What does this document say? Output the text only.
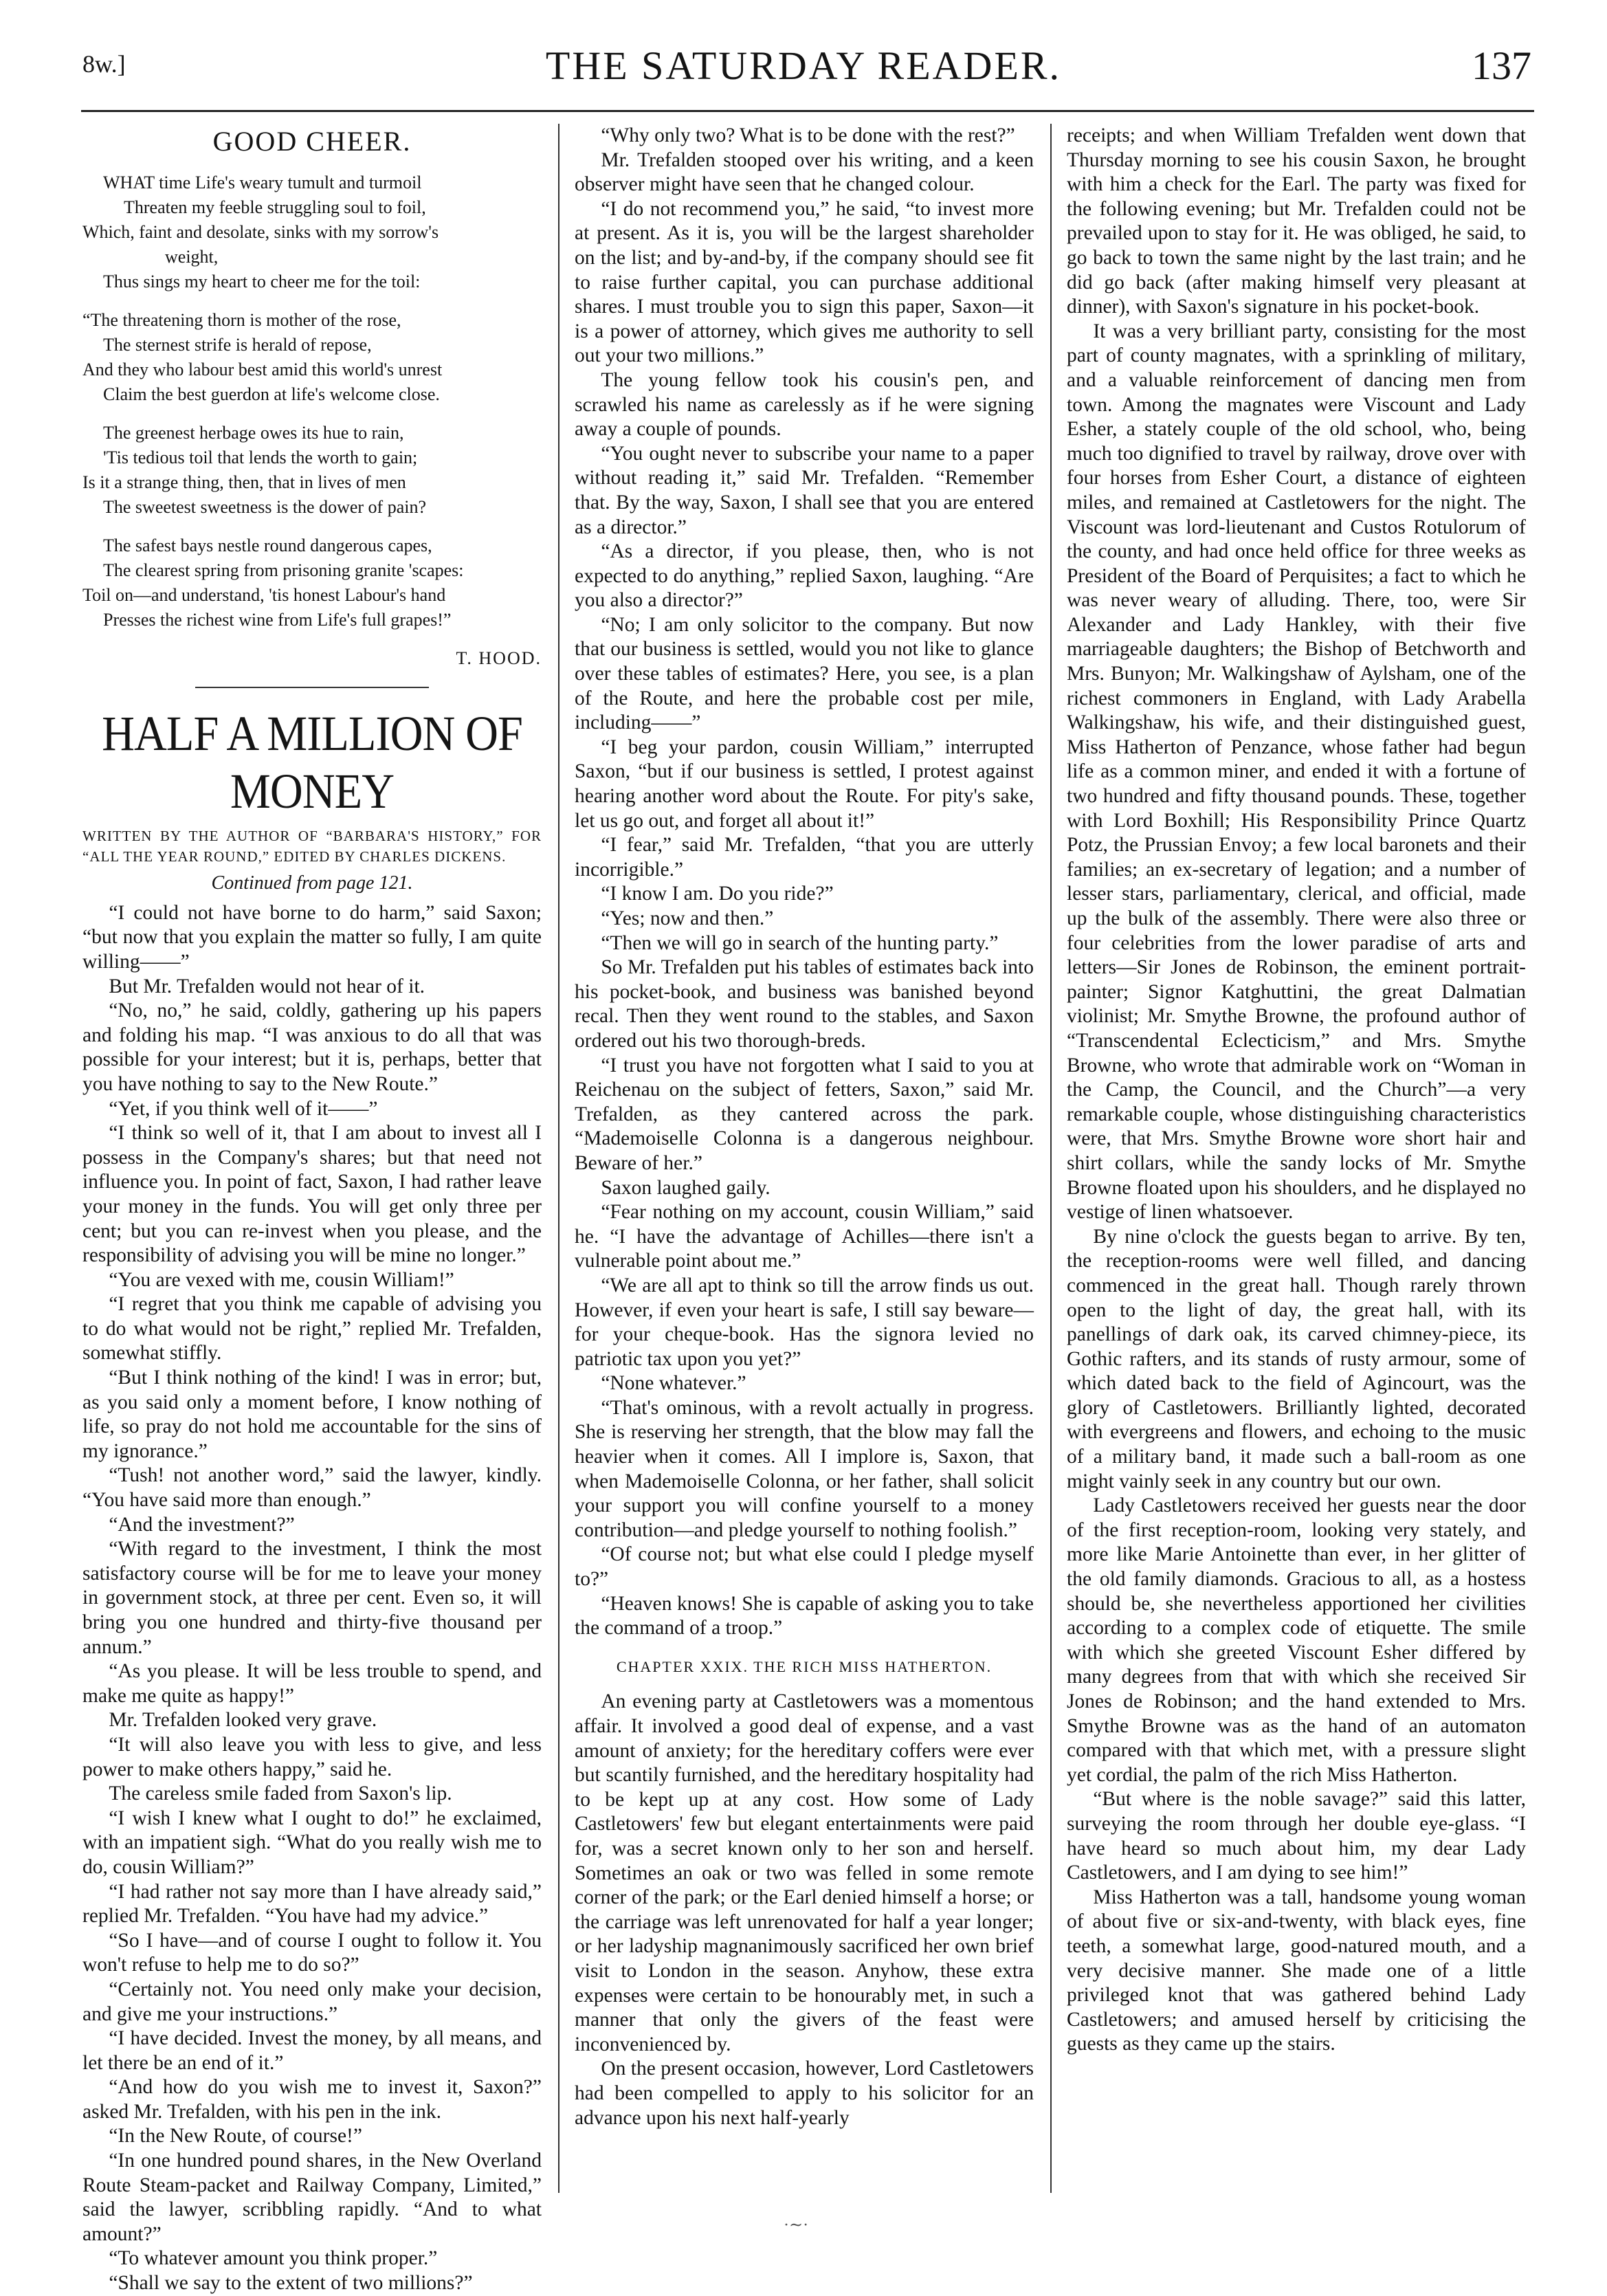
8w.]	THE SATURDAY READER.	137
GOOD CHEER.
WHAT time Life's weary tumult and turmoil
Threaten my feeble struggling soul to foil,
Which, faint and desolate, sinks with my sorrow's
weight,
Thus sings my heart to cheer me for the toil:
“The threatening thorn is mother of the rose,
The sternest strife is herald of repose,
And they who labour best amid this world's unrest
Claim the best guerdon at life's welcome close.
The greenest herbage owes its hue to rain,
'Tis tedious toil that lends the worth to gain;
Is it a strange thing, then, that in lives of men
The sweetest sweetness is the dower of pain?
The safest bays nestle round dangerous capes,
The clearest spring from prisoning granite 'scapes:
Toil on—and understand, 'tis honest Labour's hand
Presses the richest wine from Life's full grapes!”
T. HOOD.
HALF A MILLION OF MONEY

WRITTEN BY THE AUTHOR OF “BARBARA'S HISTORY,” FOR “ALL THE YEAR ROUND,” EDITED BY CHARLES DICKENS.

Continued from page 121.

“I could not have borne to do harm,” said Saxon; “but now that you explain the matter so fully, I am quite willing——”

But Mr. Trefalden would not hear of it.

“No, no,” he said, coldly, gathering up his papers and folding his map. “I was anxious to do all that was possible for your interest; but it is, perhaps, better that you have nothing to say to the New Route.”

“Yet, if you think well of it——”

“I think so well of it, that I am about to invest all I possess in the Company's shares; but that need not influence you. In point of fact, Saxon, I had rather leave your money in the funds. You will get only three per cent; but you can re-invest when you please, and the responsibility of advising you will be mine no longer.”

“You are vexed with me, cousin William!”

“I regret that you think me capable of advising you to do what would not be right,” replied Mr. Trefalden, somewhat stiffly.

“But I think nothing of the kind! I was in error; but, as you said only a moment before, I know nothing of life, so pray do not hold me accountable for the sins of my ignorance.”

“Tush! not another word,” said the lawyer, kindly. “You have said more than enough.”

“And the investment?”

“With regard to the investment, I think the most satisfactory course will be for me to leave your money in government stock, at three per cent. Even so, it will bring you one hundred and thirty-five thousand per annum.”

“As you please. It will be less trouble to spend, and make me quite as happy!”

Mr. Trefalden looked very grave.

“It will also leave you with less to give, and less power to make others happy,” said he.

The careless smile faded from Saxon's lip.

“I wish I knew what I ought to do!” he exclaimed, with an impatient sigh. “What do you really wish me to do, cousin William?”

“I had rather not say more than I have already said,” replied Mr. Trefalden. “You have had my advice.”

“So I have—and of course I ought to follow it. You won't refuse to help me to do so?”

“Certainly not. You need only make your decision, and give me your instructions.”

“I have decided. Invest the money, by all means, and let there be an end of it.”

“And how do you wish me to invest it, Saxon?” asked Mr. Trefalden, with his pen in the ink.

“In the New Route, of course!”

“In one hundred pound shares, in the New Overland Route Steam-packet and Railway Company, Limited,” said the lawyer, scribbling rapidly. “And to what amount?”

“To whatever amount you think proper.”

“Shall we say to the extent of two millions?”

“Why only two? What is to be done with the rest?”

Mr. Trefalden stooped over his writing, and a keen observer might have seen that he changed colour.

“I do not recommend you,” he said, “to invest more at present. As it is, you will be the largest shareholder on the list; and by-and-by, if the company should see fit to raise further capital, you can purchase additional shares. I must trouble you to sign this paper, Saxon—it is a power of attorney, which gives me authority to sell out your two millions.”

The young fellow took his cousin's pen, and scrawled his name as carelessly as if he were signing away a couple of pounds.

“You ought never to subscribe your name to a paper without reading it,” said Mr. Trefalden. “Remember that. By the way, Saxon, I shall see that you are entered as a director.”

“As a director, if you please, then, who is not expected to do anything,” replied Saxon, laughing. “Are you also a director?”

“No; I am only solicitor to the company. But now that our business is settled, would you not like to glance over these tables of estimates? Here, you see, is a plan of the Route, and here the probable cost per mile, including——”

“I beg your pardon, cousin William,” interrupted Saxon, “but if our business is settled, I protest against hearing another word about the Route. For pity's sake, let us go out, and forget all about it!”

“I fear,” said Mr. Trefalden, “that you are utterly incorrigible.”

“I know I am. Do you ride?”

“Yes; now and then.”

“Then we will go in search of the hunting party.”

So Mr. Trefalden put his tables of estimates back into his pocket-book, and business was banished beyond recal. Then they went round to the stables, and Saxon ordered out his two thorough-breds.

“I trust you have not forgotten what I said to you at Reichenau on the subject of fetters, Saxon,” said Mr. Trefalden, as they cantered across the park. “Mademoiselle Colonna is a dangerous neighbour. Beware of her.”

Saxon laughed gaily.

“Fear nothing on my account, cousin William,” said he. “I have the advantage of Achilles—there isn't a vulnerable point about me.”

“We are all apt to think so till the arrow finds us out. However, if even your heart is safe, I still say beware—for your cheque-book. Has the signora levied no patriotic tax upon you yet?”

“None whatever.”

“That's ominous, with a revolt actually in progress. She is reserving her strength, that the blow may fall the heavier when it comes. All I implore is, Saxon, that when Mademoiselle Colonna, or her father, shall solicit your support you will confine yourself to a money contribution—and pledge yourself to nothing foolish.”

“Of course not; but what else could I pledge myself to?”

“Heaven knows! She is capable of asking you to take the command of a troop.”

CHAPTER XXIX. THE RICH MISS HATHERTON.

An evening party at Castletowers was a momentous affair. It involved a good deal of expense, and a vast amount of anxiety; for the hereditary coffers were ever but scantily furnished, and the hereditary hospitality had to be kept up at any cost. How some of Lady Castletowers' few but elegant entertainments were paid for, was a secret known only to her son and herself. Sometimes an oak or two was felled in some remote corner of the park; or the Earl denied himself a horse; or the carriage was left unrenovated for half a year longer; or her ladyship magnanimously sacrificed her own brief visit to London in the season. Anyhow, these extra expenses were certain to be honourably met, in such a manner that only the givers of the feast were inconvenienced by.

On the present occasion, however, Lord Castletowers had been compelled to apply to his solicitor for an advance upon his next half-yearly

receipts; and when William Trefalden went down that Thursday morning to see his cousin Saxon, he brought with him a check for the Earl. The party was fixed for the following evening; but Mr. Trefalden could not be prevailed upon to stay for it. He was obliged, he said, to go back to town the same night by the last train; and he did go back (after making himself very pleasant at dinner), with Saxon's signature in his pocket-book.

It was a very brilliant party, consisting for the most part of county magnates, with a sprinkling of military, and a valuable reinforcement of dancing men from town. Among the magnates were Viscount and Lady Esher, a stately couple of the old school, who, being much too dignified to travel by railway, drove over with four horses from Esher Court, a distance of eighteen miles, and remained at Castletowers for the night. The Viscount was lord-lieutenant and Custos Rotulorum of the county, and had once held office for three weeks as President of the Board of Perquisites; a fact to which he was never weary of alluding. There, too, were Sir Alexander and Lady Hankley, with their five marriageable daughters; the Bishop of Betchworth and Mrs. Bunyon; Mr. Walkingshaw of Aylsham, one of the richest commoners in England, with Lady Arabella Walkingshaw, his wife, and their distinguished guest, Miss Hatherton of Penzance, whose father had begun life as a common miner, and ended it with a fortune of two hundred and fifty thousand pounds. These, together with Lord Boxhill; His Responsibility Prince Quartz Potz, the Prussian Envoy; a few local baronets and their families; an ex-secretary of legation; and a number of lesser stars, parliamentary, clerical, and official, made up the bulk of the assembly. There were also three or four celebrities from the lower paradise of arts and letters—Sir Jones de Robinson, the eminent portrait-painter; Signor Katghuttini, the great Dalmatian violinist; Mr. Smythe Browne, the profound author of “Transcendental Eclecticism,” and Mrs. Smythe Browne, who wrote that admirable work on “Woman in the Camp, the Council, and the Church”—a very remarkable couple, whose distinguishing characteristics were, that Mrs. Smythe Browne wore short hair and shirt collars, while the sandy locks of Mr. Smythe Browne floated upon his shoulders, and he displayed no vestige of linen whatsoever.

By nine o'clock the guests began to arrive. By ten, the reception-rooms were well filled, and dancing commenced in the great hall. Though rarely thrown open to the light of day, the great hall, with its panellings of dark oak, its carved chimney-piece, its Gothic rafters, and its stands of rusty armour, some of which dated back to the field of Agincourt, was the glory of Castletowers. Brilliantly lighted, decorated with evergreens and flowers, and echoing to the music of a military band, it made such a ball-room as one might vainly seek in any country but our own.

Lady Castletowers received her guests near the door of the first reception-room, looking very stately, and more like Marie Antoinette than ever, in her glitter of the old family diamonds. Gracious to all, as a hostess should be, she nevertheless apportioned her civilities according to a complex code of etiquette. The smile with which she greeted Viscount Esher differed by many degrees from that with which she received Sir Jones de Robinson; and the hand extended to Mrs. Smythe Browne was as the hand of an automaton compared with that which met, with a pressure slight yet cordial, the palm of the rich Miss Hatherton.

“But where is the noble savage?” said this latter, surveying the room through her double eye-glass. “I have heard so much about him, my dear Lady Castletowers, and I am dying to see him!”

Miss Hatherton was a tall, handsome young woman of about five or six-and-twenty, with black eyes, fine teeth, a somewhat large, good-natured mouth, and a very decisive manner. She made one of a little privileged knot that was gathered behind Lady Castletowers; and amused herself by criticising the guests as they came up the stairs.

·∼·
